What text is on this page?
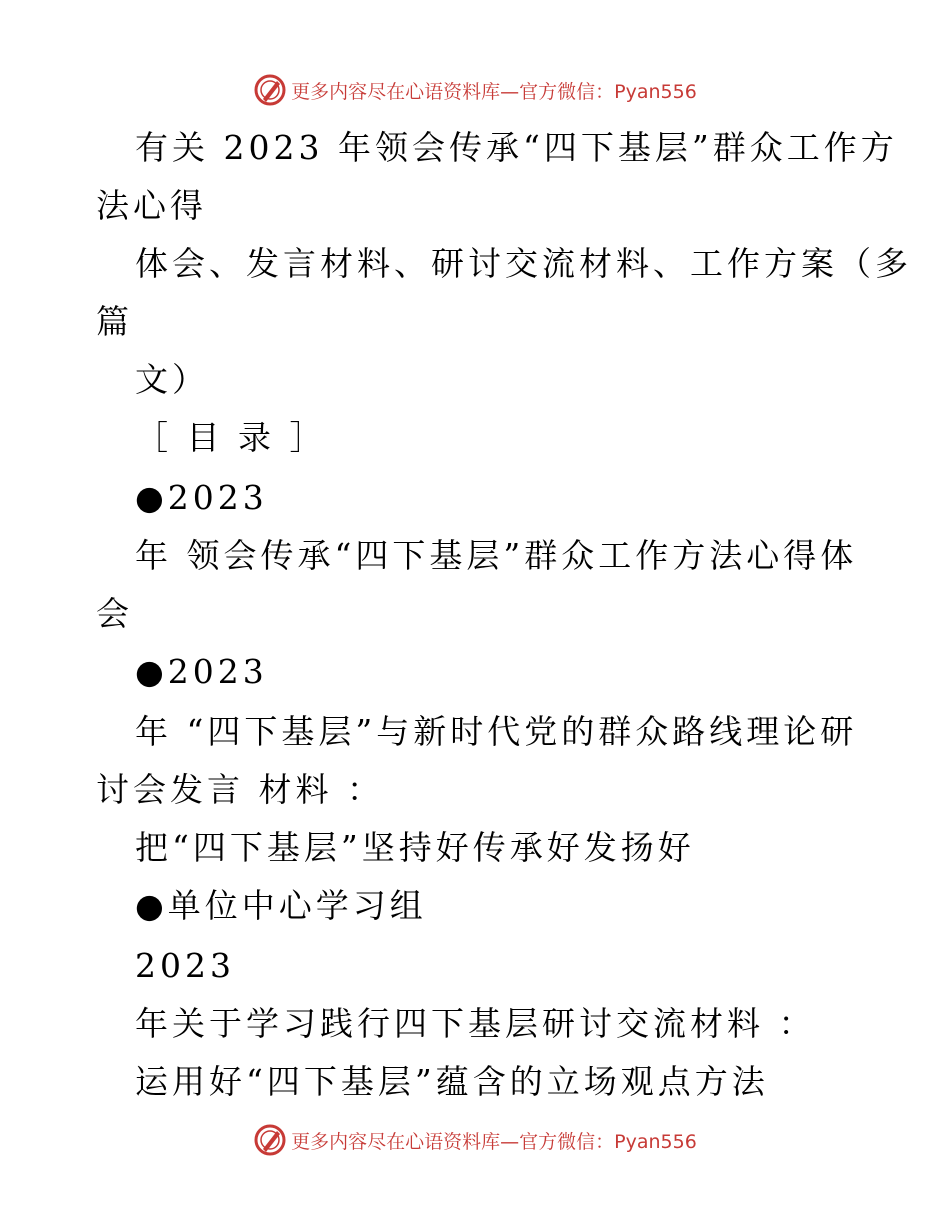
更多内容尽在心语资料库—官方微信：Pyan556
有关 2023 年领会传承“四下基层”群众工作方
法心得
体会、发言材料、研讨交流材料、工作方案（多
篇
文）
［ 目 录 ］
●2023
年 领会传承“四下基层”群众工作方法心得体
会
●2023
年 “四下基层”与新时代党的群众路线理论研
讨会发言 材料 ：
把“四下基层”坚持好传承好发扬好
●单位中心学习组
2023
年关于学习践行四下基层研讨交流材料 ：
运用好“四下基层”蕴含的立场观点方法
更多内容尽在心语资料库—官方微信：Pyan556
